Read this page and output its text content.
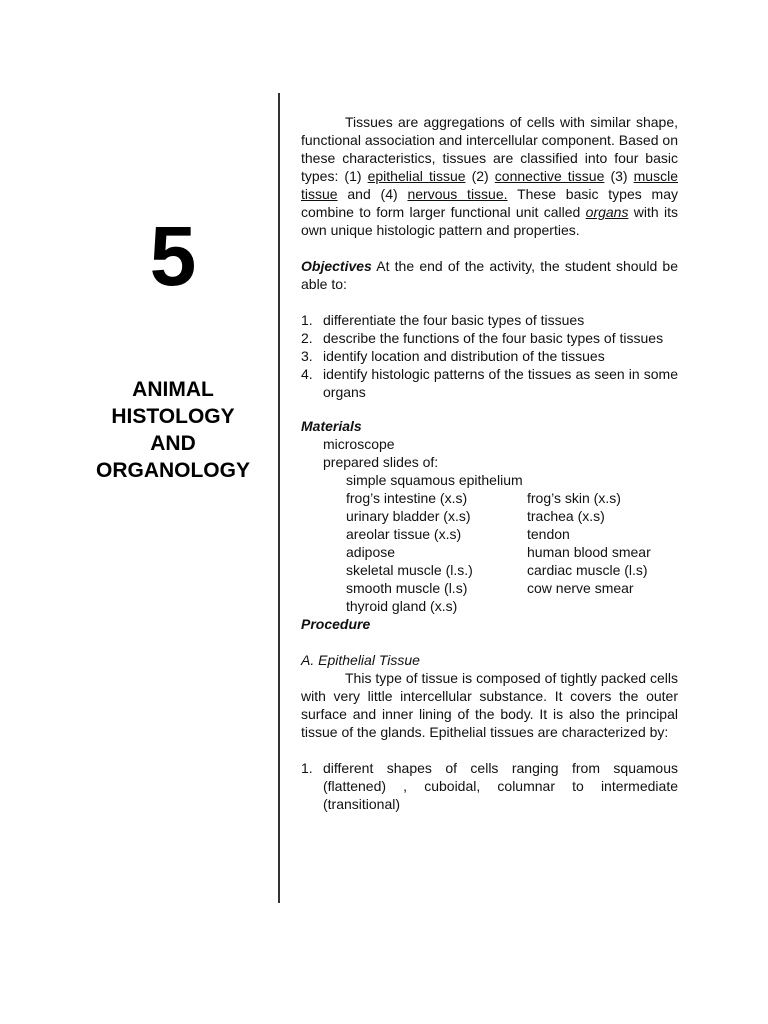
5
ANIMAL
HISTOLOGY
AND
ORGANOLOGY

Tissues are aggregations of cells with similar shape, functional association and intercellular component. Based on these characteristics, tissues are classified into four basic types: (1) epithelial tissue (2) connective tissue (3) muscle tissue and (4) nervous tissue. These basic types may combine to form larger functional unit called organs with its own unique histologic pattern and properties.

Objectives At the end of the activity, the student should be able to:

1. differentiate the four basic types of tissues
2. describe the functions of the four basic types of tissues
3. identify location and distribution of the tissues
4. identify histologic patterns of the tissues as seen in some organs

Materials

microscope

prepared slides of:

simple squamous epithelium

frog’s intestine (x.s)	frog’s skin (x.s)
urinary bladder (x.s)	trachea (x.s)
areolar tissue (x.s)	tendon
adipose	human blood smear
skeletal muscle (l.s.)	cardiac muscle (l.s)
smooth muscle (l.s)	cow nerve smear
thyroid gland (x.s)

Procedure

A. Epithelial Tissue

This type of tissue is composed of tightly packed cells with very little intercellular substance. It covers the outer surface and inner lining of the body. It is also the principal tissue of the glands. Epithelial tissues are characterized by:

1. different shapes of cells ranging from squamous (flattened) , cuboidal, columnar to intermediate (transitional)
